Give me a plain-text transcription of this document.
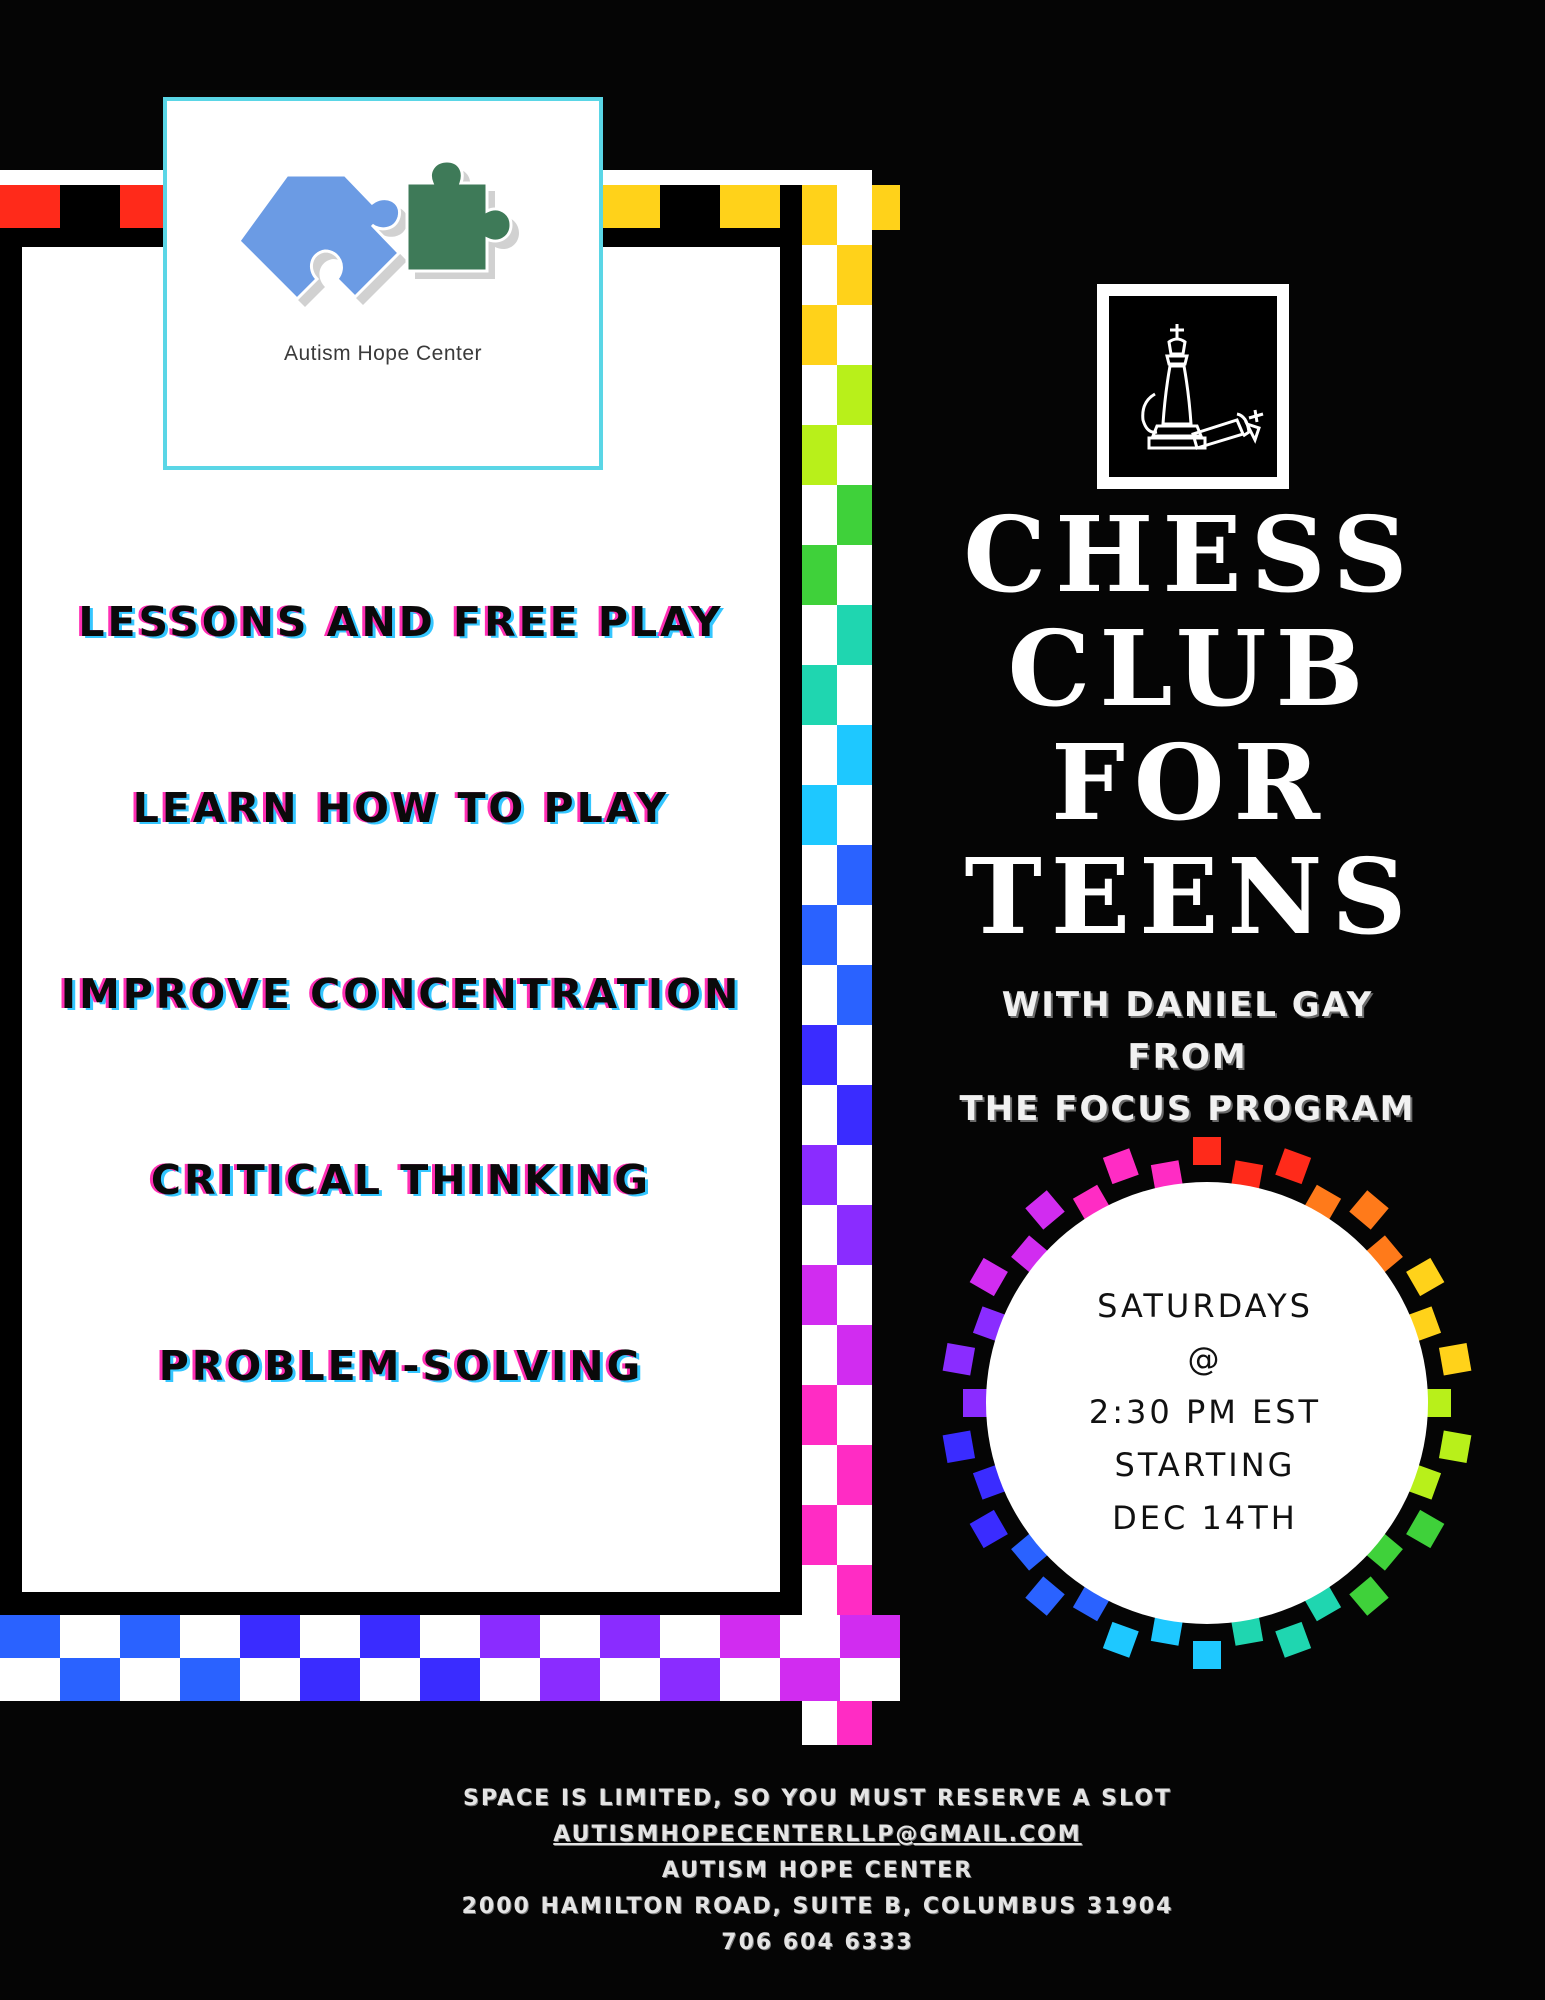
Autism Hope Center
LESSONS AND FREE PLAY
LEARN HOW TO PLAY
IMPROVE CONCENTRATION
CRITICAL THINKING
PROBLEM-SOLVING
CHESS
CLUB
FOR
TEENS
WITH DANIEL GAY
FROM
THE FOCUS PROGRAM
SATURDAYS
@
2:30 PM EST
STARTING
DEC 14TH
SPACE IS LIMITED, SO YOU MUST RESERVE A SLOT
AUTISMHOPECENTERLLP@GMAIL.COM
AUTISM HOPE CENTER
2000 HAMILTON ROAD, SUITE B, COLUMBUS 31904
706 604 6333
